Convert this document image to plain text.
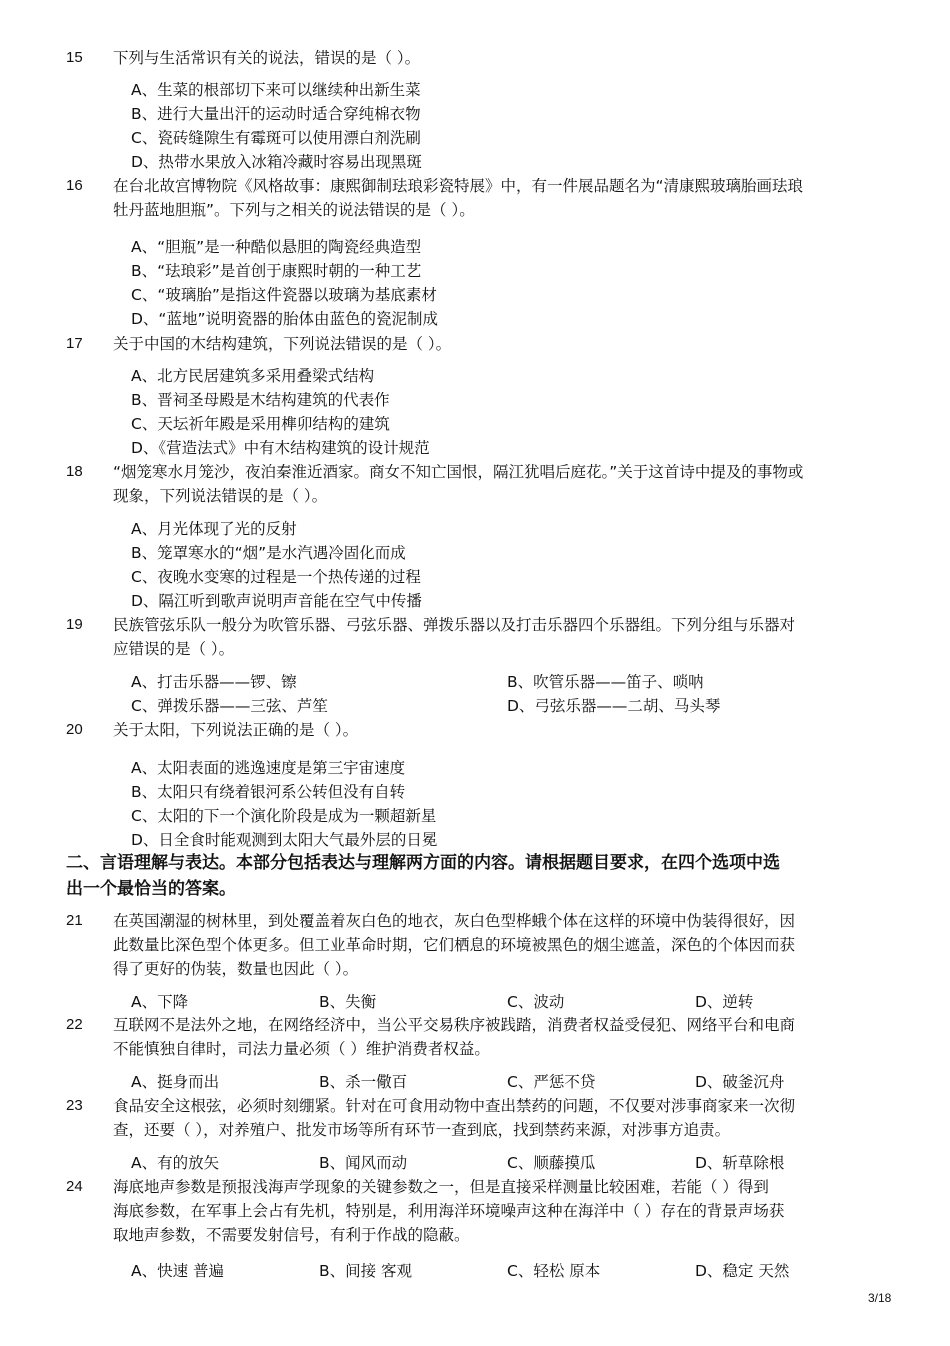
15	下列与生活常识有关的说法，错误的是（ ）。
A、生菜的根部切下来可以继续种出新生菜
B、进行大量出汗的运动时适合穿纯棉衣物
C、瓷砖缝隙生有霉斑可以使用漂白剂洗刷
D、热带水果放入冰箱冷藏时容易出现黑斑
16	在台北故宫博物院《风格故事：康熙御制珐琅彩瓷特展》中，有一件展品题名为“清康熙玻璃胎画珐琅
牡丹蓝地胆瓶”。下列与之相关的说法错误的是（ ）。
A、“胆瓶”是一种酷似悬胆的陶瓷经典造型
B、“珐琅彩”是首创于康熙时朝的一种工艺
C、“玻璃胎”是指这件瓷器以玻璃为基底素材
D、“蓝地”说明瓷器的胎体由蓝色的瓷泥制成
17	关于中国的木结构建筑，下列说法错误的是（ ）。
A、北方民居建筑多采用叠梁式结构
B、晋祠圣母殿是木结构建筑的代表作
C、天坛祈年殿是采用榫卯结构的建筑
D、《营造法式》中有木结构建筑的设计规范
18	“烟笼寒水月笼沙，夜泊秦淮近酒家。商女不知亡国恨，隔江犹唱后庭花。”关于这首诗中提及的事物或
现象，下列说法错误的是（ ）。
A、月光体现了光的反射
B、笼罩寒水的“烟”是水汽遇冷固化而成
C、夜晚水变寒的过程是一个热传递的过程
D、隔江听到歌声说明声音能在空气中传播
19	民族管弦乐队一般分为吹管乐器、弓弦乐器、弹拨乐器以及打击乐器四个乐器组。下列分组与乐器对
应错误的是（ ）。
A、打击乐器——锣、镲	B、吹管乐器——笛子、唢呐
C、弹拨乐器——三弦、芦笙	D、弓弦乐器——二胡、马头琴
20	关于太阳，下列说法正确的是（ ）。
A、太阳表面的逃逸速度是第三宇宙速度
B、太阳只有绕着银河系公转但没有自转
C、太阳的下一个演化阶段是成为一颗超新星
D、日全食时能观测到太阳大气最外层的日冕
二、言语理解与表达。本部分包括表达与理解两方面的内容。请根据题目要求，在四个选项中选
出一个最恰当的答案。
21	在英国潮湿的树林里，到处覆盖着灰白色的地衣，灰白色型桦蛾个体在这样的环境中伪装得很好，因
此数量比深色型个体更多。但工业革命时期，它们栖息的环境被黑色的烟尘遮盖，深色的个体因而获
得了更好的伪装，数量也因此（ ）。
A、下降	B、失衡	C、波动	D、逆转
22	互联网不是法外之地，在网络经济中，当公平交易秩序被践踏，消费者权益受侵犯、网络平台和电商
不能慎独自律时，司法力量必须（ ）维护消费者权益。
A、挺身而出	B、杀一儆百	C、严惩不贷	D、破釜沉舟
23	食品安全这根弦，必须时刻绷紧。针对在可食用动物中查出禁药的问题，不仅要对涉事商家来一次彻
查，还要（ ），对养殖户、批发市场等所有环节一查到底，找到禁药来源，对涉事方追责。
A、有的放矢	B、闻风而动	C、顺藤摸瓜	D、斩草除根
24	海底地声参数是预报浅海声学现象的关键参数之一，但是直接采样测量比较困难，若能（ ）得到
海底参数，在军事上会占有先机，特别是，利用海洋环境噪声这种在海洋中（ ）存在的背景声场获
取地声参数，不需要发射信号，有利于作战的隐蔽。
A、快速 普遍	B、间接 客观	C、轻松 原本	D、稳定 天然
3/18
